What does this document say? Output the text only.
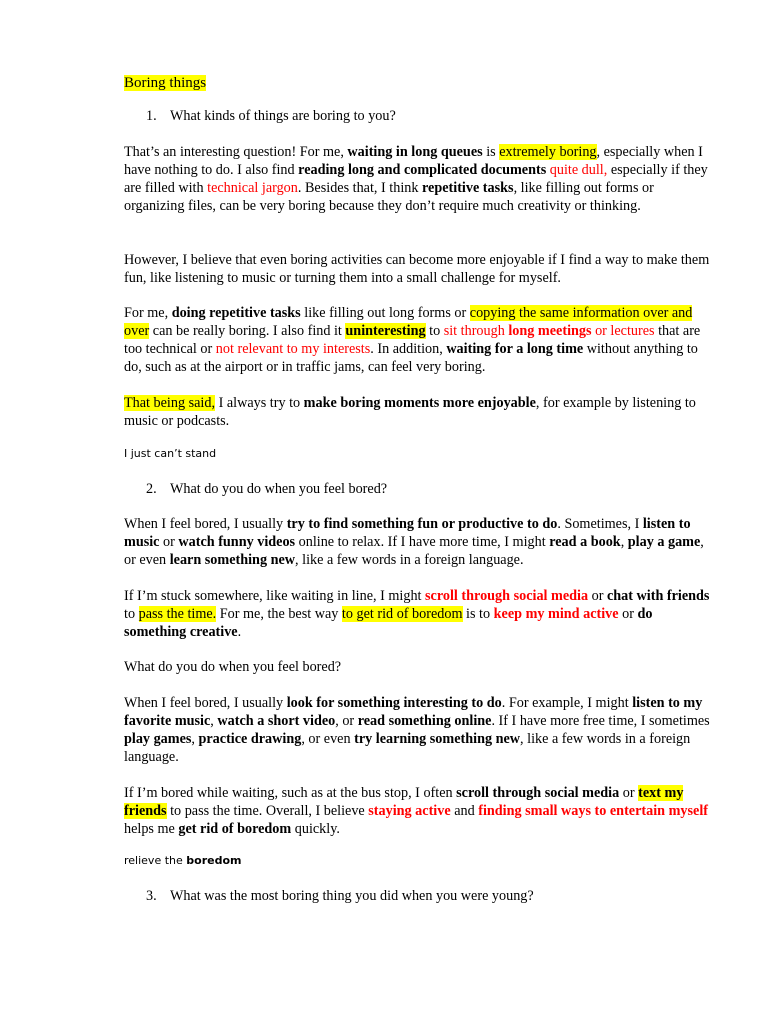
Boring things
1. What kinds of things are boring to you?

That’s an interesting question! For me, waiting in long queues is extremely boring, especially when I have nothing to do. I also find reading long and complicated documents quite dull, especially if they are filled with technical jargon. Besides that, I think repetitive tasks, like filling out forms or organizing files, can be very boring because they don’t require much creativity or thinking.

However, I believe that even boring activities can become more enjoyable if I find a way to make them fun, like listening to music or turning them into a small challenge for myself.

For me, doing repetitive tasks like filling out long forms or copying the same information over and over can be really boring. I also find it uninteresting to sit through long meetings or lectures that are too technical or not relevant to my interests. In addition, waiting for a long time without anything to do, such as at the airport or in traffic jams, can feel very boring.

That being said, I always try to make boring moments more enjoyable, for example by listening to music or podcasts.

I just can’t stand
2. What do you do when you feel bored?

When I feel bored, I usually try to find something fun or productive to do. Sometimes, I listen to music or watch funny videos online to relax. If I have more time, I might read a book, play a game, or even learn something new, like a few words in a foreign language.

If I’m stuck somewhere, like waiting in line, I might scroll through social media or chat with friends to pass the time. For me, the best way to get rid of boredom is to keep my mind active or do something creative.

What do you do when you feel bored?

When I feel bored, I usually look for something interesting to do. For example, I might listen to my favorite music, watch a short video, or read something online. If I have more free time, I sometimes play games, practice drawing, or even try learning something new, like a few words in a foreign language.

If I’m bored while waiting, such as at the bus stop, I often scroll through social media or text my friends to pass the time. Overall, I believe staying active and finding small ways to entertain myself helps me get rid of boredom quickly.

relieve the boredom
3. What was the most boring thing you did when you were young?
